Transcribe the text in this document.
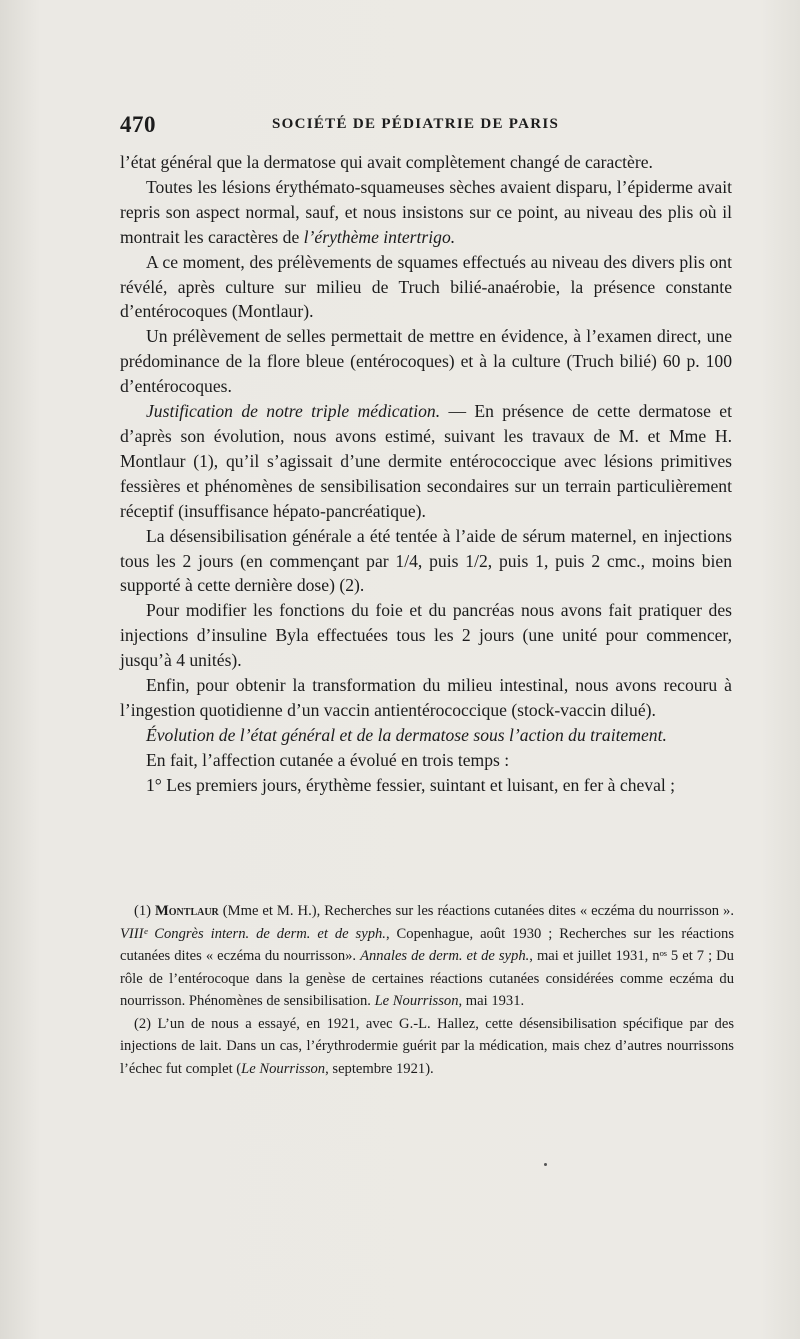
470	SOCIÉTÉ DE PÉDIATRIE DE PARIS

l’état général que la dermatose qui avait complètement changé de caractère.

Toutes les lésions érythémato-squameuses sèches avaient disparu, l’épiderme avait repris son aspect normal, sauf, et nous insistons sur ce point, au niveau des plis où il montrait les caractères de l’érythème intertrigo.

A ce moment, des prélèvements de squames effectués au niveau des divers plis ont révélé, après culture sur milieu de Truch bilié-anaérobie, la présence constante d’entérocoques (Montlaur).

Un prélèvement de selles permettait de mettre en évidence, à l’examen direct, une prédominance de la flore bleue (entérocoques) et à la culture (Truch bilié) 60 p. 100 d’entérocoques.

Justification de notre triple médication. — En présence de cette dermatose et d’après son évolution, nous avons estimé, suivant les travaux de M. et Mme H. Montlaur (1), qu’il s’agissait d’une dermite entérococcique avec lésions primitives fessières et phénomènes de sensibilisation secondaires sur un terrain particulièrement réceptif (insuffisance hépato-pancréatique).

La désensibilisation générale a été tentée à l’aide de sérum maternel, en injections tous les 2 jours (en commençant par 1/4, puis 1/2, puis 1, puis 2 cmc., moins bien supporté à cette dernière dose) (2).

Pour modifier les fonctions du foie et du pancréas nous avons fait pratiquer des injections d’insuline Byla effectuées tous les 2 jours (une unité pour commencer, jusqu’à 4 unités).

Enfin, pour obtenir la transformation du milieu intestinal, nous avons recouru à l’ingestion quotidienne d’un vaccin antientérococcique (stock-vaccin dilué).

Évolution de l’état général et de la dermatose sous l’action du traitement.

En fait, l’affection cutanée a évolué en trois temps :

1° Les premiers jours, érythème fessier, suintant et luisant, en fer à cheval ;

(1) Montlaur (Mme et M. H.), Recherches sur les réactions cutanées dites « eczéma du nourrisson ». VIIIᵉ Congrès intern. de derm. et de syph., Copenhague, août 1930 ; Recherches sur les réactions cutanées dites « eczéma du nourrisson». Annales de derm. et de syph., mai et juillet 1931, nᵒˢ 5 et 7 ; Du rôle de l’entérocoque dans la genèse de certaines réactions cutanées considérées comme eczéma du nourrisson. Phénomènes de sensibilisation. Le Nourrisson, mai 1931.

(2) L’un de nous a essayé, en 1921, avec G.-L. Hallez, cette désensibilisation spécifique par des injections de lait. Dans un cas, l’érythrodermie guérit par la médication, mais chez d’autres nourrissons l’échec fut complet (Le Nourrisson, septembre 1921).
